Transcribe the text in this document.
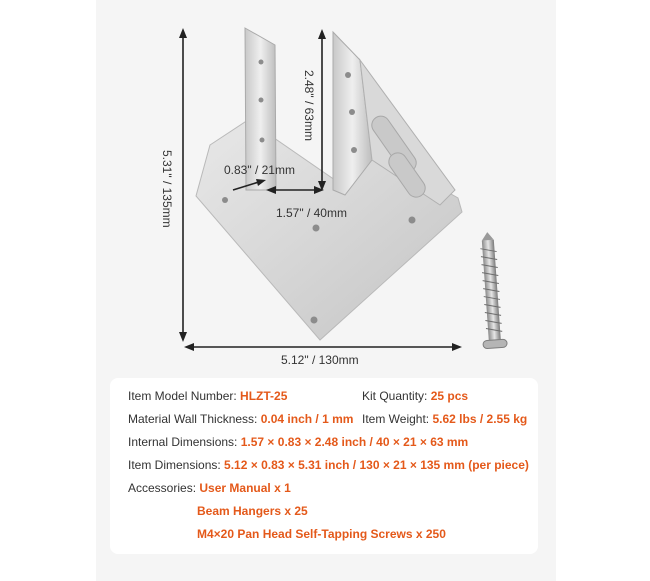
5.31" / 135mm
5.12" / 130mm
2.48" / 63mm
0.83" / 21mm
1.57" / 40mm
Item Model Number: HLZT-25	Kit Quantity: 25 pcs
Material Wall Thickness: 0.04 inch / 1 mm Item Weight: 5.62 lbs / 2.55 kg
Internal Dimensions: 1.57 × 0.83 × 2.48 inch / 40 × 21 × 63 mm
Item Dimensions: 5.12 × 0.83 × 5.31 inch / 130 × 21 × 135 mm (per piece)
Accessories: User Manual x 1
Beam Hangers x 25
M4×20 Pan Head Self-Tapping Screws x 250
